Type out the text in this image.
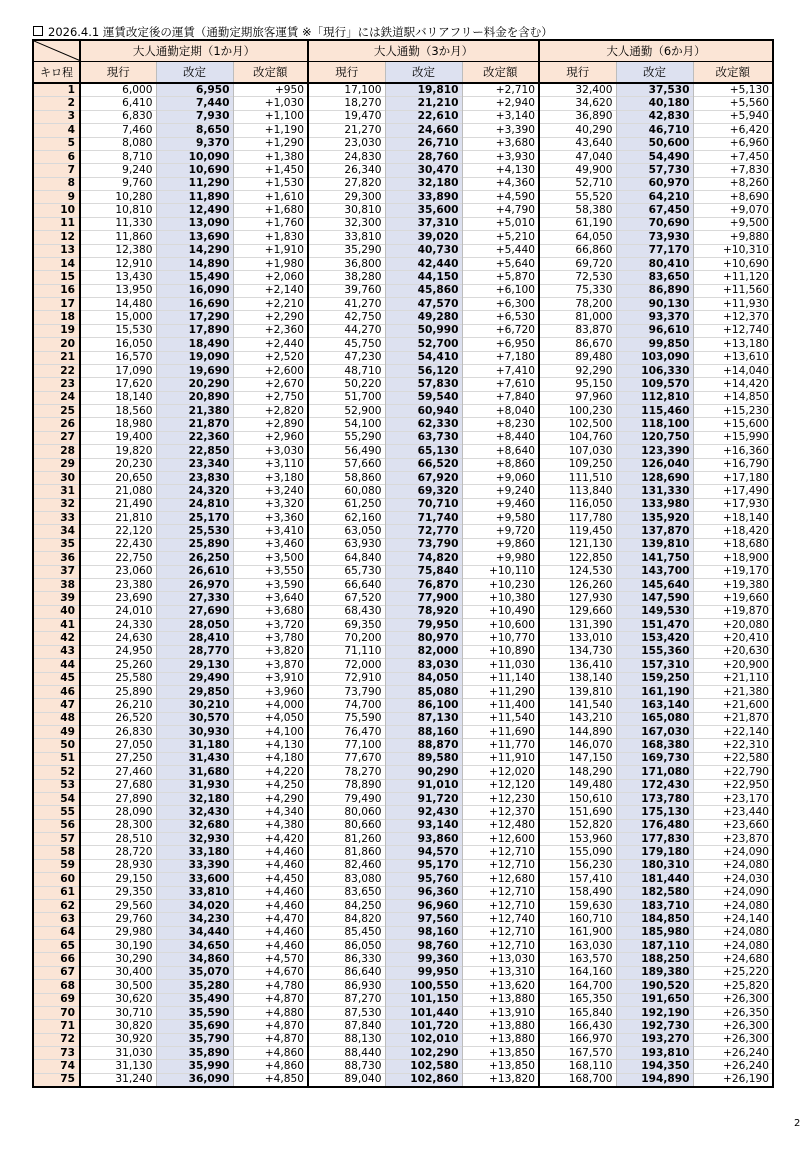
2026.4.1 運賃改定後の運賃（通勤定期旅客運賃 ※「現行」には鉄道駅バリアフリー料金を含む）
	大人通勤定期（1か月）			大人通勤（3か月）			大人通勤（6か月）		
キロ程	現行	改定	改定額	現行	改定	改定額	現行	改定	改定額
1	6,000	6,950	+950	17,100	19,810	+2,710	32,400	37,530	+5,130
2	6,410	7,440	+1,030	18,270	21,210	+2,940	34,620	40,180	+5,560
3	6,830	7,930	+1,100	19,470	22,610	+3,140	36,890	42,830	+5,940
4	7,460	8,650	+1,190	21,270	24,660	+3,390	40,290	46,710	+6,420
5	8,080	9,370	+1,290	23,030	26,710	+3,680	43,640	50,600	+6,960
6	8,710	10,090	+1,380	24,830	28,760	+3,930	47,040	54,490	+7,450
7	9,240	10,690	+1,450	26,340	30,470	+4,130	49,900	57,730	+7,830
8	9,760	11,290	+1,530	27,820	32,180	+4,360	52,710	60,970	+8,260
9	10,280	11,890	+1,610	29,300	33,890	+4,590	55,520	64,210	+8,690
10	10,810	12,490	+1,680	30,810	35,600	+4,790	58,380	67,450	+9,070
11	11,330	13,090	+1,760	32,300	37,310	+5,010	61,190	70,690	+9,500
12	11,860	13,690	+1,830	33,810	39,020	+5,210	64,050	73,930	+9,880
13	12,380	14,290	+1,910	35,290	40,730	+5,440	66,860	77,170	+10,310
14	12,910	14,890	+1,980	36,800	42,440	+5,640	69,720	80,410	+10,690
15	13,430	15,490	+2,060	38,280	44,150	+5,870	72,530	83,650	+11,120
16	13,950	16,090	+2,140	39,760	45,860	+6,100	75,330	86,890	+11,560
17	14,480	16,690	+2,210	41,270	47,570	+6,300	78,200	90,130	+11,930
18	15,000	17,290	+2,290	42,750	49,280	+6,530	81,000	93,370	+12,370
19	15,530	17,890	+2,360	44,270	50,990	+6,720	83,870	96,610	+12,740
20	16,050	18,490	+2,440	45,750	52,700	+6,950	86,670	99,850	+13,180
21	16,570	19,090	+2,520	47,230	54,410	+7,180	89,480	103,090	+13,610
22	17,090	19,690	+2,600	48,710	56,120	+7,410	92,290	106,330	+14,040
23	17,620	20,290	+2,670	50,220	57,830	+7,610	95,150	109,570	+14,420
24	18,140	20,890	+2,750	51,700	59,540	+7,840	97,960	112,810	+14,850
25	18,560	21,380	+2,820	52,900	60,940	+8,040	100,230	115,460	+15,230
26	18,980	21,870	+2,890	54,100	62,330	+8,230	102,500	118,100	+15,600
27	19,400	22,360	+2,960	55,290	63,730	+8,440	104,760	120,750	+15,990
28	19,820	22,850	+3,030	56,490	65,130	+8,640	107,030	123,390	+16,360
29	20,230	23,340	+3,110	57,660	66,520	+8,860	109,250	126,040	+16,790
30	20,650	23,830	+3,180	58,860	67,920	+9,060	111,510	128,690	+17,180
31	21,080	24,320	+3,240	60,080	69,320	+9,240	113,840	131,330	+17,490
32	21,490	24,810	+3,320	61,250	70,710	+9,460	116,050	133,980	+17,930
33	21,810	25,170	+3,360	62,160	71,740	+9,580	117,780	135,920	+18,140
34	22,120	25,530	+3,410	63,050	72,770	+9,720	119,450	137,870	+18,420
35	22,430	25,890	+3,460	63,930	73,790	+9,860	121,130	139,810	+18,680
36	22,750	26,250	+3,500	64,840	74,820	+9,980	122,850	141,750	+18,900
37	23,060	26,610	+3,550	65,730	75,840	+10,110	124,530	143,700	+19,170
38	23,380	26,970	+3,590	66,640	76,870	+10,230	126,260	145,640	+19,380
39	23,690	27,330	+3,640	67,520	77,900	+10,380	127,930	147,590	+19,660
40	24,010	27,690	+3,680	68,430	78,920	+10,490	129,660	149,530	+19,870
41	24,330	28,050	+3,720	69,350	79,950	+10,600	131,390	151,470	+20,080
42	24,630	28,410	+3,780	70,200	80,970	+10,770	133,010	153,420	+20,410
43	24,950	28,770	+3,820	71,110	82,000	+10,890	134,730	155,360	+20,630
44	25,260	29,130	+3,870	72,000	83,030	+11,030	136,410	157,310	+20,900
45	25,580	29,490	+3,910	72,910	84,050	+11,140	138,140	159,250	+21,110
46	25,890	29,850	+3,960	73,790	85,080	+11,290	139,810	161,190	+21,380
47	26,210	30,210	+4,000	74,700	86,100	+11,400	141,540	163,140	+21,600
48	26,520	30,570	+4,050	75,590	87,130	+11,540	143,210	165,080	+21,870
49	26,830	30,930	+4,100	76,470	88,160	+11,690	144,890	167,030	+22,140
50	27,050	31,180	+4,130	77,100	88,870	+11,770	146,070	168,380	+22,310
51	27,250	31,430	+4,180	77,670	89,580	+11,910	147,150	169,730	+22,580
52	27,460	31,680	+4,220	78,270	90,290	+12,020	148,290	171,080	+22,790
53	27,680	31,930	+4,250	78,890	91,010	+12,120	149,480	172,430	+22,950
54	27,890	32,180	+4,290	79,490	91,720	+12,230	150,610	173,780	+23,170
55	28,090	32,430	+4,340	80,060	92,430	+12,370	151,690	175,130	+23,440
56	28,300	32,680	+4,380	80,660	93,140	+12,480	152,820	176,480	+23,660
57	28,510	32,930	+4,420	81,260	93,860	+12,600	153,960	177,830	+23,870
58	28,720	33,180	+4,460	81,860	94,570	+12,710	155,090	179,180	+24,090
59	28,930	33,390	+4,460	82,460	95,170	+12,710	156,230	180,310	+24,080
60	29,150	33,600	+4,450	83,080	95,760	+12,680	157,410	181,440	+24,030
61	29,350	33,810	+4,460	83,650	96,360	+12,710	158,490	182,580	+24,090
62	29,560	34,020	+4,460	84,250	96,960	+12,710	159,630	183,710	+24,080
63	29,760	34,230	+4,470	84,820	97,560	+12,740	160,710	184,850	+24,140
64	29,980	34,440	+4,460	85,450	98,160	+12,710	161,900	185,980	+24,080
65	30,190	34,650	+4,460	86,050	98,760	+12,710	163,030	187,110	+24,080
66	30,290	34,860	+4,570	86,330	99,360	+13,030	163,570	188,250	+24,680
67	30,400	35,070	+4,670	86,640	99,950	+13,310	164,160	189,380	+25,220
68	30,500	35,280	+4,780	86,930	100,550	+13,620	164,700	190,520	+25,820
69	30,620	35,490	+4,870	87,270	101,150	+13,880	165,350	191,650	+26,300
70	30,710	35,590	+4,880	87,530	101,440	+13,910	165,840	192,190	+26,350
71	30,820	35,690	+4,870	87,840	101,720	+13,880	166,430	192,730	+26,300
72	30,920	35,790	+4,870	88,130	102,010	+13,880	166,970	193,270	+26,300
73	31,030	35,890	+4,860	88,440	102,290	+13,850	167,570	193,810	+26,240
74	31,130	35,990	+4,860	88,730	102,580	+13,850	168,110	194,350	+26,240
75	31,240	36,090	+4,850	89,040	102,860	+13,820	168,700	194,890	+26,190
2
